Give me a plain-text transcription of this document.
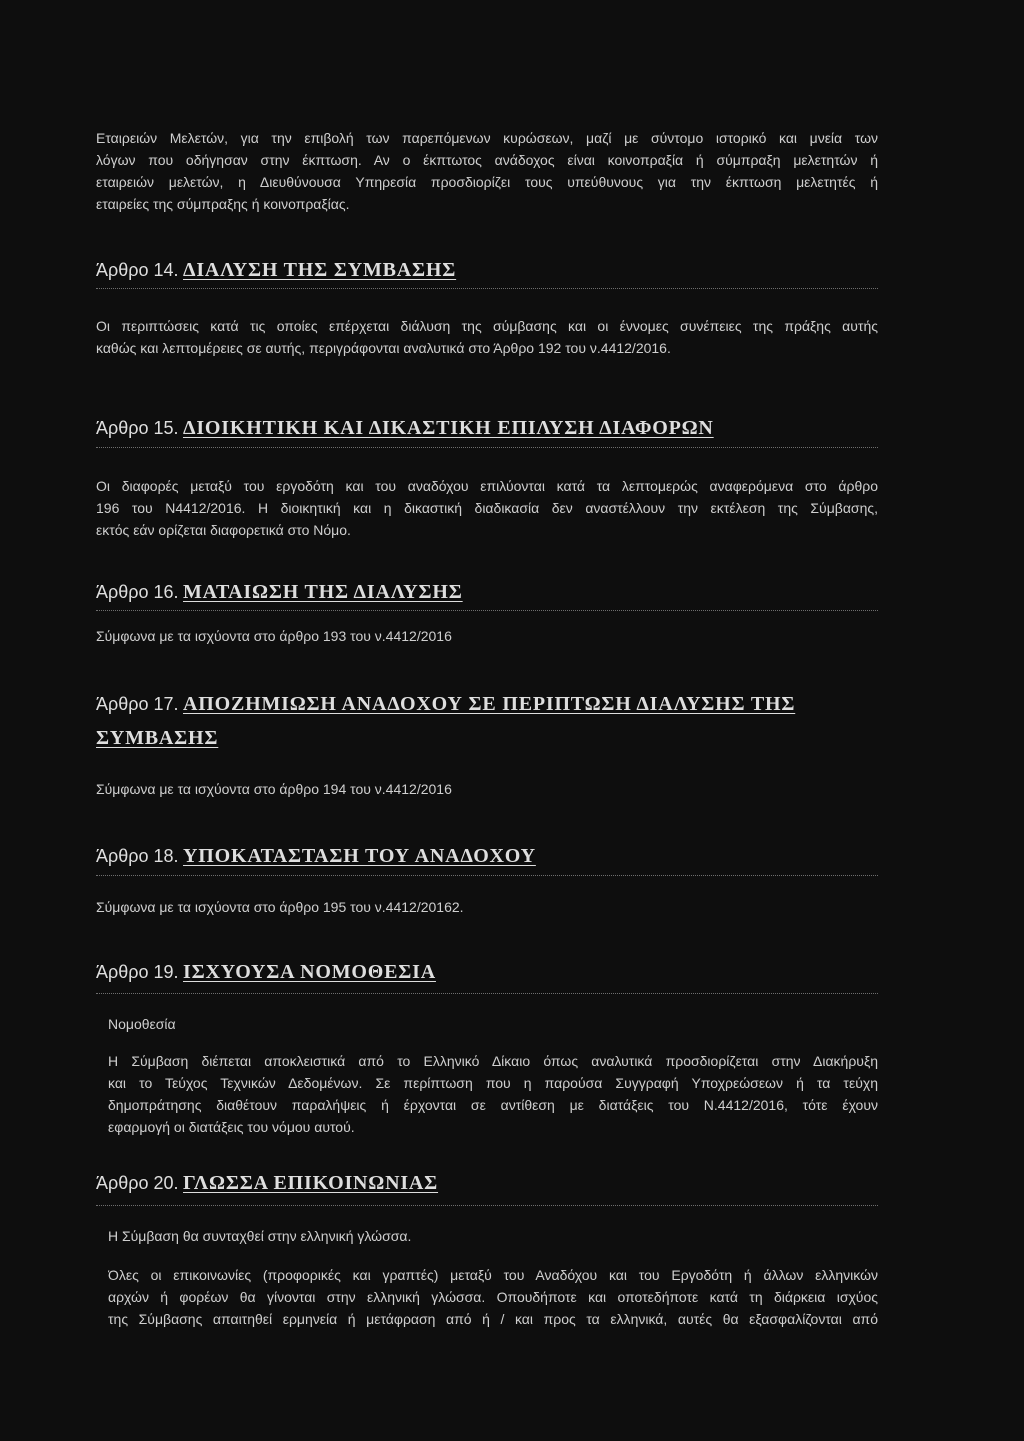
Εταιρειών Μελετών, για την επιβολή των παρεπόμενων κυρώσεων, μαζί με σύντομο ιστορικό και μνεία των
λόγων που οδήγησαν στην έκπτωση. Αν ο έκπτωτος ανάδοχος είναι κοινοπραξία ή σύμπραξη μελετητών ή
εταιρειών μελετών, η Διευθύνουσα Υπηρεσία προσδιορίζει τους υπεύθυνους για την έκπτωση μελετητές ή
εταιρείες της σύμπραξης ή κοινοπραξίας.
Άρθρο 14. ΔΙΑΛΥΣΗ ΤΗΣ ΣΥΜΒΑΣΗΣ
Οι περιπτώσεις κατά τις οποίες επέρχεται διάλυση της σύμβασης και οι έννομες συνέπειες της πράξης αυτής
καθώς και λεπτομέρειες σε αυτής, περιγράφονται αναλυτικά στο Άρθρο 192 του ν.4412/2016.
Άρθρο 15. ΔΙΟΙΚΗΤΙΚΗ ΚΑΙ ΔΙΚΑΣΤΙΚΗ ΕΠΙΛΥΣΗ ΔΙΑΦΟΡΩΝ
Οι διαφορές μεταξύ του εργοδότη και του αναδόχου επιλύονται κατά τα λεπτομερώς αναφερόμενα στο άρθρο
196 του Ν4412/2016. Η διοικητική και η δικαστική διαδικασία δεν αναστέλλουν την εκτέλεση της Σύμβασης,
εκτός εάν ορίζεται διαφορετικά στο Νόμο.
Άρθρο 16. ΜΑΤΑΙΩΣΗ ΤΗΣ ΔΙΑΛΥΣΗΣ
Σύμφωνα με τα ισχύοντα στο άρθρο 193 του ν.4412/2016
Άρθρο 17. ΑΠΟΖΗΜΙΩΣΗ ΑΝΑΔΟΧΟΥ ΣΕ ΠΕΡΙΠΤΩΣΗ ΔΙΑΛΥΣΗΣ ΤΗΣ ΣΥΜΒΑΣΗΣ
Σύμφωνα με τα ισχύοντα στο άρθρο 194 του ν.4412/2016
Άρθρο 18. ΥΠΟΚΑΤΑΣΤΑΣΗ ΤΟΥ ΑΝΑΔΟΧΟΥ
Σύμφωνα με τα ισχύοντα στο άρθρο 195 του ν.4412/20162.
Άρθρο 19. ΙΣΧΥΟΥΣΑ ΝΟΜΟΘΕΣΙΑ
Νομοθεσία
Η Σύμβαση διέπεται αποκλειστικά από το Ελληνικό Δίκαιο όπως αναλυτικά προσδιορίζεται στην Διακήρυξη
και το Τεύχος Τεχνικών Δεδομένων. Σε περίπτωση που η παρούσα Συγγραφή Υποχρεώσεων ή τα τεύχη
δημοπράτησης διαθέτουν παραλήψεις ή έρχονται σε αντίθεση με διατάξεις του Ν.4412/2016, τότε έχουν
εφαρμογή οι διατάξεις του νόμου αυτού.
Άρθρο 20. ΓΛΩΣΣΑ ΕΠΙΚΟΙΝΩΝΙΑΣ
Η Σύμβαση θα συνταχθεί στην ελληνική γλώσσα.
Όλες οι επικοινωνίες (προφορικές και γραπτές) μεταξύ του Αναδόχου και του Εργοδότη ή άλλων ελληνικών
αρχών ή φορέων θα γίνονται στην ελληνική γλώσσα. Οπουδήποτε και οποτεδήποτε κατά τη διάρκεια ισχύος
της Σύμβασης απαιτηθεί ερμηνεία ή μετάφραση από ή / και προς τα ελληνικά, αυτές θα εξασφαλίζονται από
